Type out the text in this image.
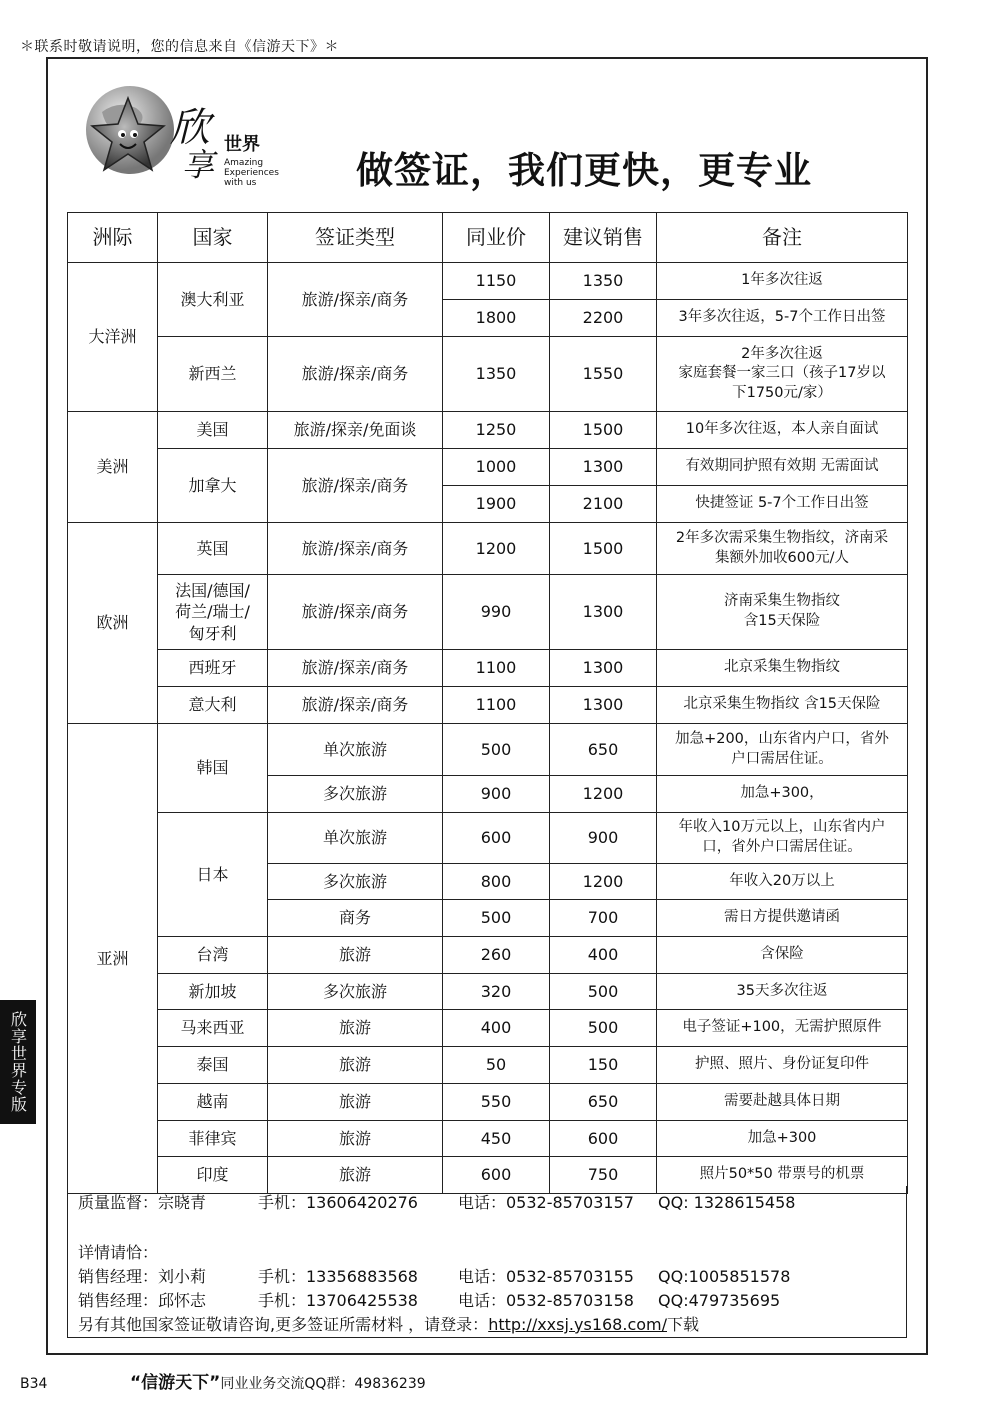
＊联系时敬请说明，您的信息来自《信游天下》＊
欣
享
世界
Amazing
Experiences
with us	做签证，我们更快，更专业
洲际	国家	签证类型	同业价	建议销售	备注
大洋洲	澳大利亚	旅游/探亲/商务	1150	1350	1年多次往返
			1800	2200	3年多次往返，5-7个工作日出签
	新西兰	旅游/探亲/商务	1350	1550	2年多次往返
家庭套餐一家三口（孩子17岁以
下1750元/家）
美洲	美国	旅游/探亲/免面谈	1250	1500	10年多次往返，本人亲自面试
	加拿大	旅游/探亲/商务	1000	1300	有效期同护照有效期 无需面试
			1900	2100	快捷签证 5-7个工作日出签
欧洲	英国	旅游/探亲/商务	1200	1500	2年多次需采集生物指纹，济南采
集额外加收600元/人
	法国/德国/
荷兰/瑞士/
匈牙利	旅游/探亲/商务	990	1300	济南采集生物指纹
含15天保险
	西班牙	旅游/探亲/商务	1100	1300	北京采集生物指纹
	意大利	旅游/探亲/商务	1100	1300	北京采集生物指纹 含15天保险
亚洲	韩国	单次旅游	500	650	加急+200，山东省内户口，省外
户口需居住证。
		多次旅游	900	1200	加急+300，
	日本	单次旅游	600	900	年收入10万元以上，山东省内户
口，省外户口需居住证。
		多次旅游	800	1200	年收入20万以上
		商务	500	700	需日方提供邀请函
	台湾	旅游	260	400	含保险
	新加坡	多次旅游	320	500	35天多次往返
	马来西亚	旅游	400	500	电子签证+100，无需护照原件
	泰国	旅游	50	150	护照、照片、身份证复印件
	越南	旅游	550	650	需要赴越具体日期
	菲律宾	旅游	450	600	加急+300
	印度	旅游	600	750	照片50*50 带票号的机票
质量监督：宗晓青	手机：13606420276	电话：0532-85703157 QQ: 1328615458
详情请恰：
销售经理：刘小莉	手机：13356883568	电话：0532-85703155 QQ:1005851578
销售经理：邱怀志	手机：13706425538	电话：0532-85703158 QQ:479735695
另有其他国家签证敬请咨询,更多签证所需材料 ，请登录：http://xxsj.ys168.com/下载
B34	“信游天下”同业业务交流QQ群：49836239
欣享世界专版
